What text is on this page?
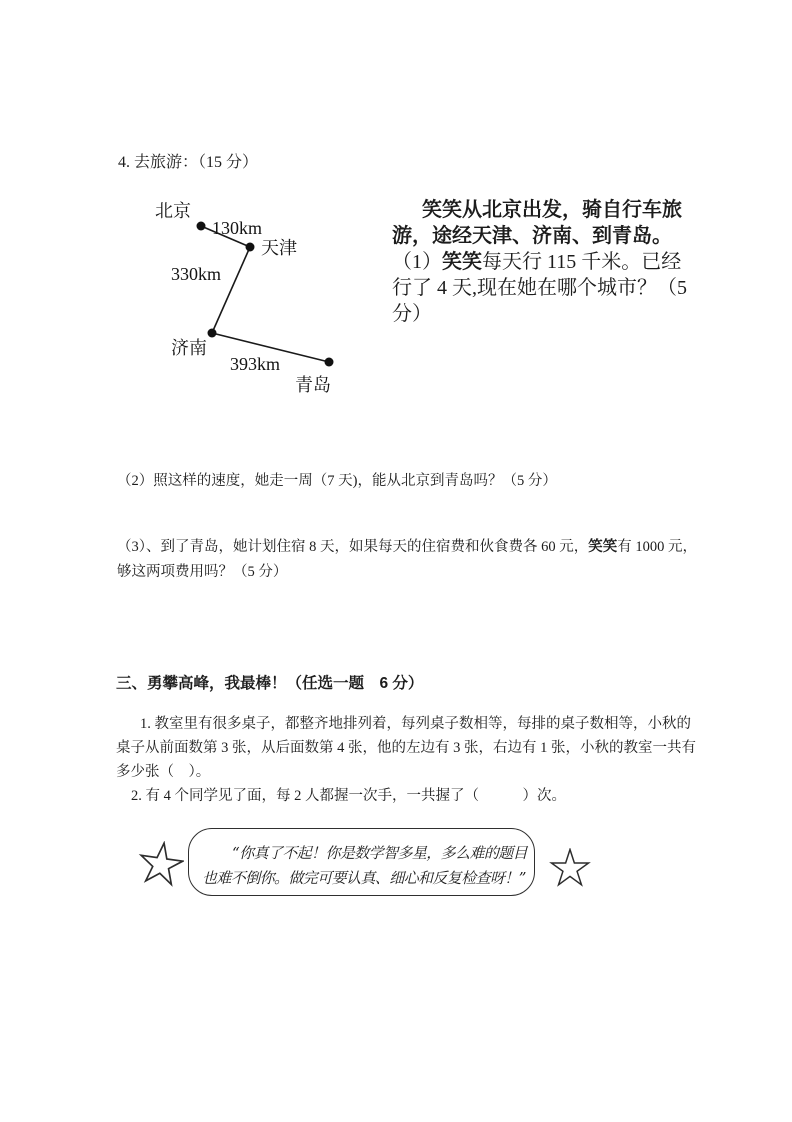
4. 去旅游：（15 分）
北京
130km
天津
330km
济南
393km
青岛
笑笑从北京出发，骑自行车旅
游，途经天津、济南、到青岛。
（1）笑笑每天行 115 千米。已经
行了 4 天,现在她在哪个城市？（5
分）
（2）照这样的速度，她走一周（7 天)，能从北京到青岛吗？（5 分）
（3）、到了青岛，她计划住宿 8 天，如果每天的住宿费和伙食费各 60 元，笑笑有 1000 元，
够这两项费用吗？（5 分）
三、勇攀高峰，我最棒！（任选一题　6 分）
1. 教室里有很多桌子，都整齐地排列着，每列桌子数相等，每排的桌子数相等，小秋的
桌子从前面数第 3 张，从后面数第 4 张，他的左边有 3 张，右边有 1 张，小秋的教室一共有
多少张（　）。
2. 有 4 个同学见了面，每 2 人都握一次手，一共握了（　　　）次。
“你真了不起！你是数学智多星，多么难的题目
也难不倒你。做完可要认真、细心和反复检查呀！”
